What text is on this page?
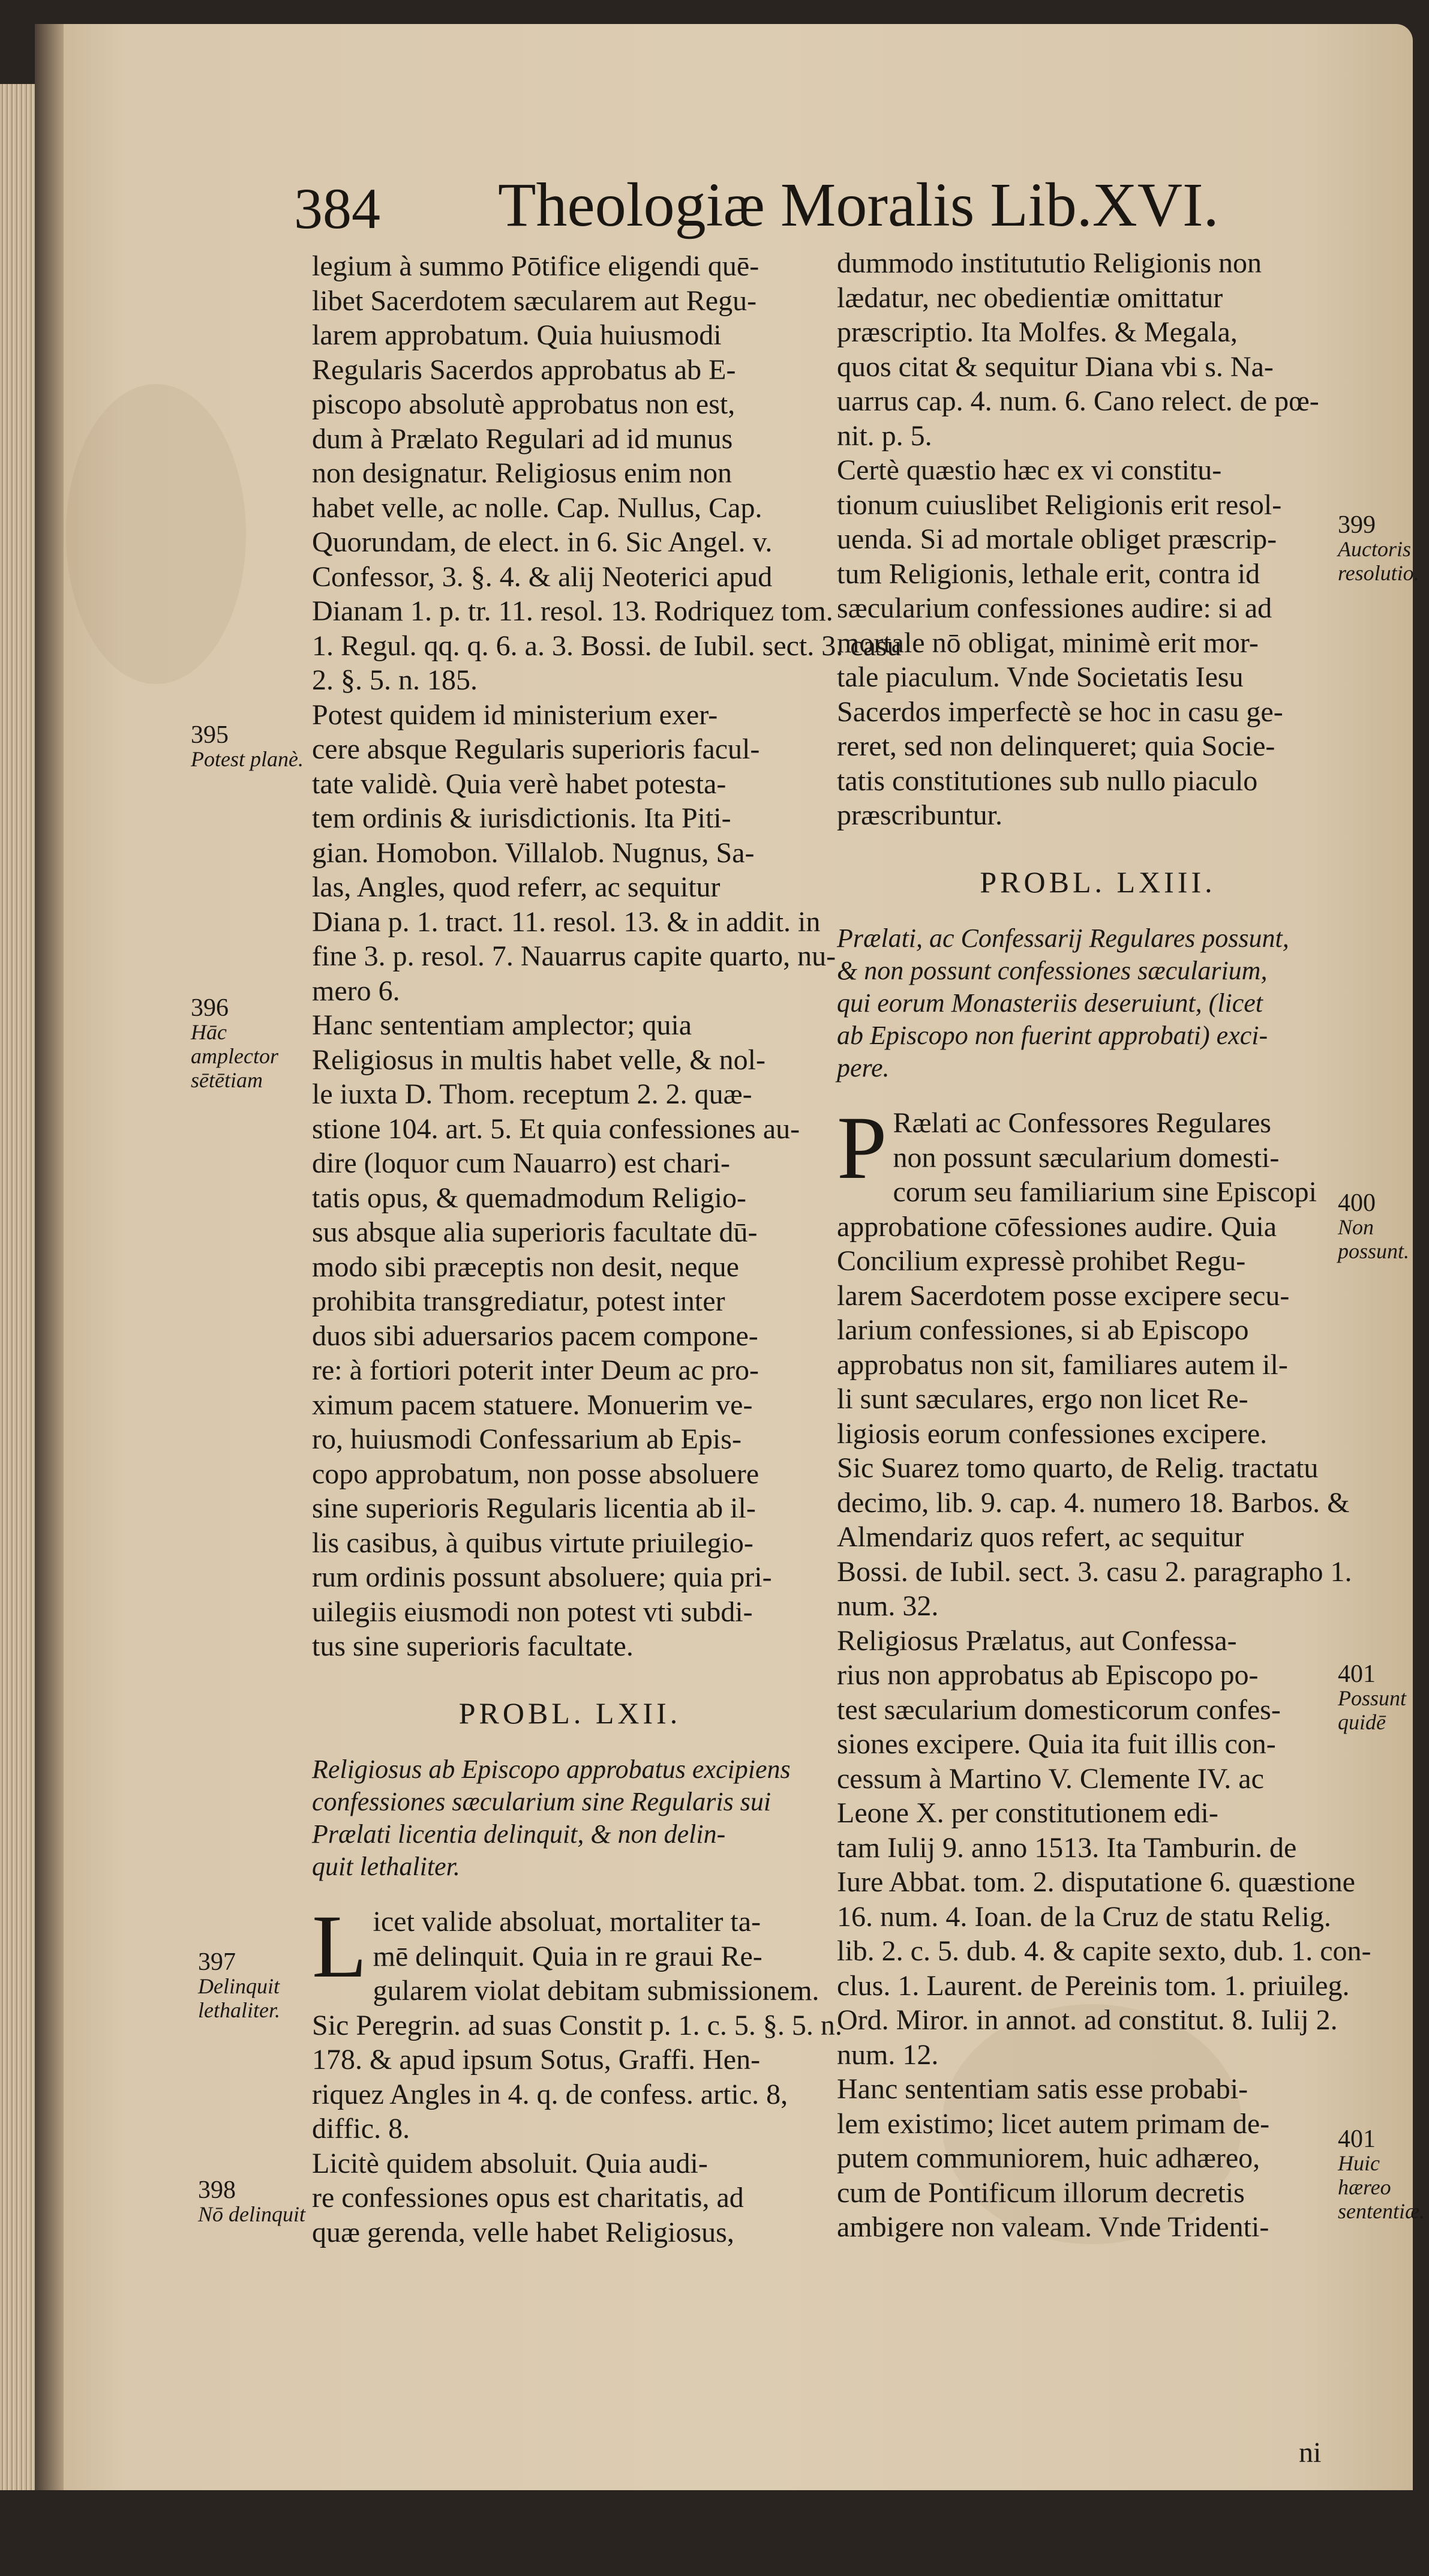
384 Theologiæ Moralis Lib.XVI.

legium à summo Pōtifice eligendi quē-
libet Sacerdotem sæcularem aut Regu-
larem approbatum. Quia huiusmodi
Regularis Sacerdos approbatus ab E-
piscopo absolutè approbatus non est,
dum à Prælato Regulari ad id munus
non designatur. Religiosus enim non
habet velle, ac nolle. Cap. Nullus, Cap.
Quorundam, de elect. in 6. Sic Angel. v.
Confessor, 3. §. 4. & alij Neoterici apud
Dianam 1. p. tr. 11. resol. 13. Rodriquez tom.
1. Regul. qq. q. 6. a. 3. Bossi. de Iubil. sect. 3. casu
2. §. 5. n. 185.

Potest quidem id ministerium exer-
cere absque Regularis superioris facul-
tate validè. Quia verè habet potesta-
tem ordinis & iurisdictionis. Ita Piti-
gian. Homobon. Villalob. Nugnus, Sa-
las, Angles, quod referr, ac sequitur
Diana p. 1. tract. 11. resol. 13. & in addit. in
fine 3. p. resol. 7. Nauarrus capite quarto, nu-
mero 6.

Hanc sententiam amplector; quia
Religiosus in multis habet velle, & nol-
le iuxta D. Thom. receptum 2. 2. quæ-
stione 104. art. 5. Et quia confessiones au-
dire (loquor cum Nauarro) est chari-
tatis opus, & quemadmodum Religio-
sus absque alia superioris facultate dū-
modo sibi præceptis non desit, neque
prohibita transgrediatur, potest inter
duos sibi aduersarios pacem compone-
re: à fortiori poterit inter Deum ac pro-
ximum pacem statuere. Monuerim ve-
ro, huiusmodi Confessarium ab Epis-
copo approbatum, non posse absoluere
sine superioris Regularis licentia ab il-
lis casibus, à quibus virtute priuilegio-
rum ordinis possunt absoluere; quia pri-
uilegiis eiusmodi non potest vti subdi-
tus sine superioris facultate.

PROBL. LXII.

Religiosus ab Episcopo approbatus excipiens
confessiones sæcularium sine Regularis sui
Prælati licentia delinquit, & non delin-
quit lethaliter.

L icet valide absoluat, mortaliter ta-
mē delinquit. Quia in re graui Re-
gularem violat debitam submissionem.
Sic Peregrin. ad suas Constit p. 1. c. 5. §. 5. n.
178. & apud ipsum Sotus, Graffi. Hen-
riquez Angles in 4. q. de confess. artic. 8,
diffic. 8.

Licitè quidem absoluit. Quia audi-
re confessiones opus est charitatis, ad
quæ gerenda, velle habet Religiosus,

dummodo institututio Religionis non
lædatur, nec obedientiæ omittatur
præscriptio. Ita Molfes. & Megala,
quos citat & sequitur Diana vbi s. Na-
uarrus cap. 4. num. 6. Cano relect. de pœ-
nit. p. 5.

Certè quæstio hæc ex vi constitu-
tionum cuiuslibet Religionis erit resol-
uenda. Si ad mortale obliget præscrip-
tum Religionis, lethale erit, contra id
sæcularium confessiones audire: si ad
mortale nō obligat, minimè erit mor-
tale piaculum. Vnde Societatis Iesu
Sacerdos imperfectè se hoc in casu ge-
reret, sed non delinqueret; quia Socie-
tatis constitutiones sub nullo piaculo
præscribuntur.

PROBL. LXIII.

Prælati, ac Confessarij Regulares possunt,
& non possunt confessiones sæcularium,
qui eorum Monasteriis deseruiunt, (licet
ab Episcopo non fuerint approbati) exci-
pere.

P Rælati ac Confessores Regulares
non possunt sæcularium domesti-
corum seu familiarium sine Episcopi
approbatione cōfessiones audire. Quia
Concilium expressè prohibet Regu-
larem Sacerdotem posse excipere secu-
larium confessiones, si ab Episcopo
approbatus non sit, familiares autem il-
li sunt sæculares, ergo non licet Re-
ligiosis eorum confessiones excipere.
Sic Suarez tomo quarto, de Relig. tractatu
decimo, lib. 9. cap. 4. numero 18. Barbos. &
Almendariz quos refert, ac sequitur
Bossi. de Iubil. sect. 3. casu 2. paragrapho 1.
num. 32.

Religiosus Prælatus, aut Confessa-
rius non approbatus ab Episcopo po-
test sæcularium domesticorum confes-
siones excipere. Quia ita fuit illis con-
cessum à Martino V. Clemente IV. ac
Leone X. per constitutionem edi-
tam Iulij 9. anno 1513. Ita Tamburin. de
Iure Abbat. tom. 2. disputatione 6. quæstione
16. num. 4. Ioan. de la Cruz de statu Relig.
lib. 2. c. 5. dub. 4. & capite sexto, dub. 1. con-
clus. 1. Laurent. de Pereinis tom. 1. priuileg.
Ord. Miror. in annot. ad constitut. 8. Iulij 2.
num. 12.

Hanc sententiam satis esse probabi-
lem existimo; licet autem primam de-
putem communiorem, huic adhæreo,
cum de Pontificum illorum decretis
ambigere non valeam. Vnde Tridenti-

ni
395
Potest planè.
396
Hāc amplector sētētiam
397
Delinquit lethaliter.
398
Nō delinquit
399
Auctoris resolutio.
400
Non possunt.
401
Possunt quidē
401
Huic hæreo sententiæ.
